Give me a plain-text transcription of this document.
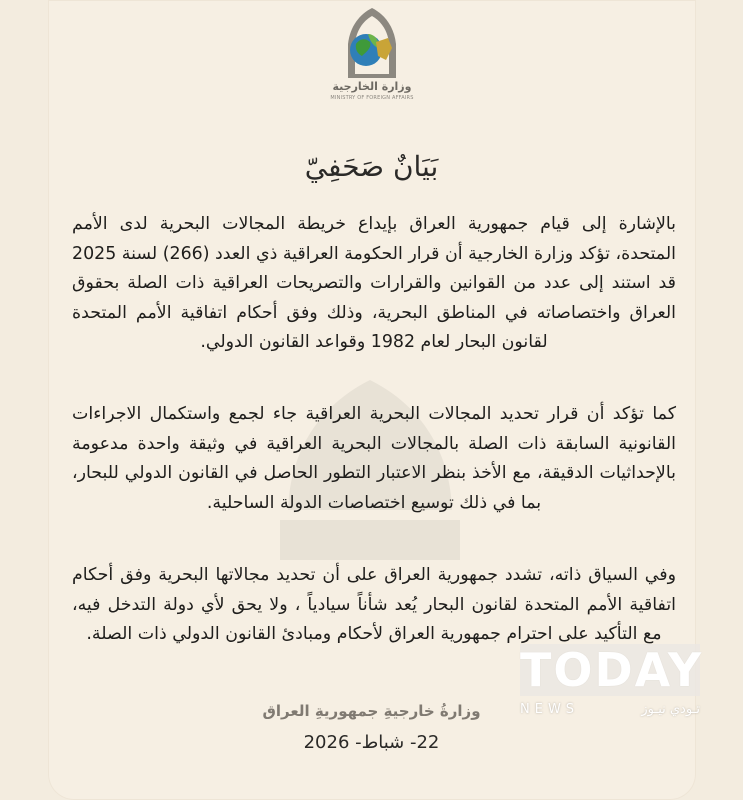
وزارة الخارجية
MINISTRY OF FOREIGN AFFAIRS
بَيَانٌ صَحَفِيّ

بالإشارة إلى قيام جمهورية العراق بإيداع خريطة المجالات البحرية لدى الأمم المتحدة، تؤكد وزارة الخارجية أن قرار الحكومة العراقية ذي العدد (266) لسنة 2025 قد استند إلى عدد من القوانين والقرارات والتصريحات العراقية ذات الصلة بحقوق العراق واختصاصاته في المناطق البحرية، وذلك وفق أحكام اتفاقية الأمم المتحدة لقانون البحار لعام 1982 وقواعد القانون الدولي.

كما تؤكد أن قرار تحديد المجالات البحرية العراقية جاء لجمع واستكمال الاجراءات القانونية السابقة ذات الصلة بالمجالات البحرية العراقية في وثيقة واحدة مدعومة بالإحداثيات الدقيقة، مع الأخذ بنظر الاعتبار التطور الحاصل في القانون الدولي للبحار، بما في ذلك توسيع اختصاصات الدولة الساحلية.

وفي السياق ذاته، تشدد جمهورية العراق على أن تحديد مجالاتها البحرية وفق أحكام اتفاقية الأمم المتحدة لقانون البحار يُعد شأناً سيادياً ، ولا يحق لأي دولة التدخل فيه، مع التأكيد على احترام جمهورية العراق لأحكام ومبادئ القانون الدولي ذات الصلة.

وزارةُ خارجيةِ جمهوريةِ العراق
22- شباط- 2026
TODAY
NEWS	تـودي نيـوز
